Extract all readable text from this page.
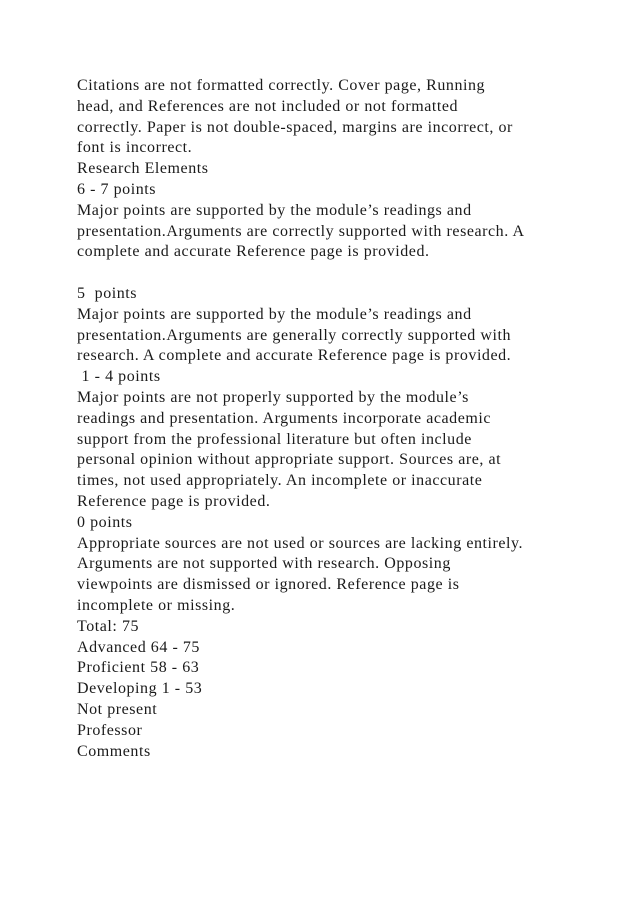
Citations are not formatted correctly. Cover page, Running
head, and References are not included or not formatted
correctly. Paper is not double-spaced, margins are incorrect, or
font is incorrect.
Research Elements
6 - 7 points
Major points are supported by the module’s readings and
presentation.Arguments are correctly supported with research. A
complete and accurate Reference page is provided.
5  points
Major points are supported by the module’s readings and
presentation.Arguments are generally correctly supported with
research. A complete and accurate Reference page is provided.
1 - 4 points
Major points are not properly supported by the module’s
readings and presentation. Arguments incorporate academic
support from the professional literature but often include
personal opinion without appropriate support. Sources are, at
times, not used appropriately. An incomplete or inaccurate
Reference page is provided.
0 points
Appropriate sources are not used or sources are lacking entirely.
Arguments are not supported with research. Opposing
viewpoints are dismissed or ignored. Reference page is
incomplete or missing.
Total: 75
Advanced 64 - 75
Proficient 58 - 63
Developing 1 - 53
Not present
Professor
Comments
